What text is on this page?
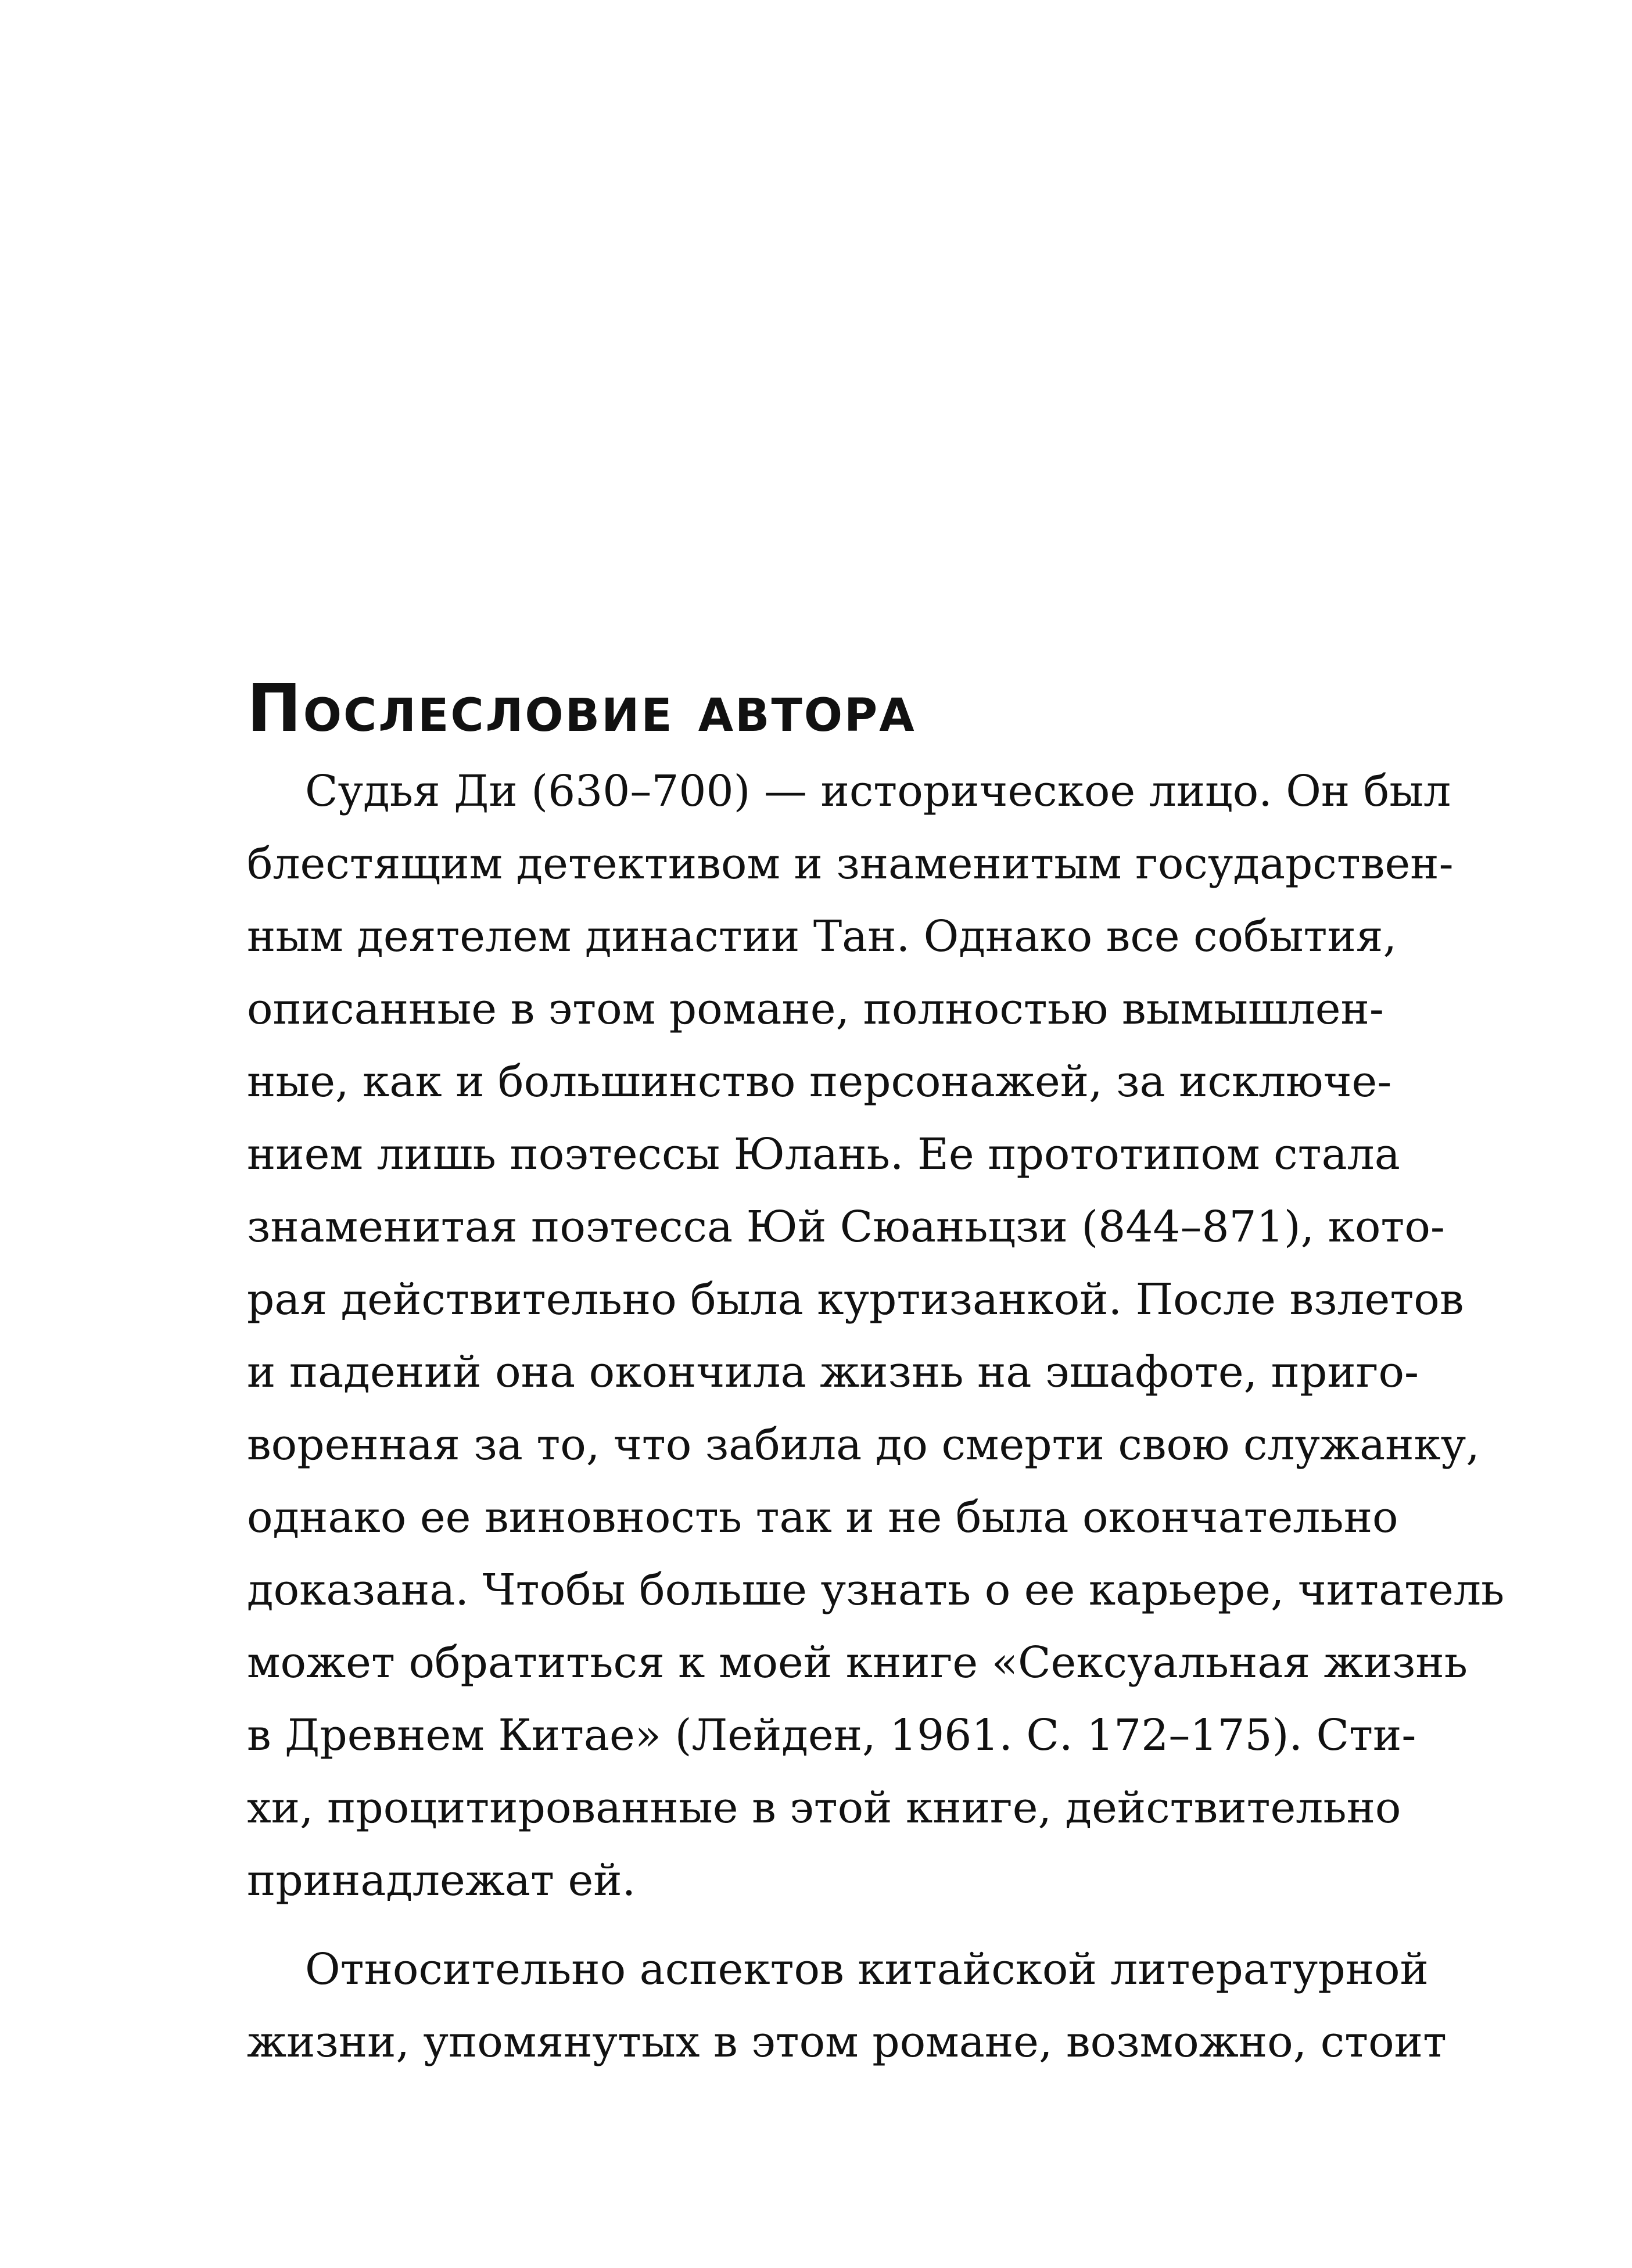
Послесловие автора
Судья Ди (630–700) — историческое лицо. Он был
блестящим детективом и знаменитым государствен-
ным деятелем династии Тан. Однако все события,
описанные в этом романе, полностью вымышлен-
ные, как и большинство персонажей, за исключе-
нием лишь поэтессы Юлань. Ее прототипом стала
знаменитая поэтесса Юй Сюаньцзи (844–871), кото-
рая действительно была куртизанкой. После взлетов
и падений она окончила жизнь на эшафоте, приго-
воренная за то, что забила до смерти свою служанку,
однако ее виновность так и не была окончательно
доказана. Чтобы больше узнать о ее карьере, читатель
может обратиться к моей книге «Сексуальная жизнь
в Древнем Китае» (Лейден, 1961. С. 172–175). Сти-
хи, процитированные в этой книге, действительно
принадлежат ей.
Относительно аспектов китайской литературной
жизни, упомянутых в этом романе, возможно, стоит
